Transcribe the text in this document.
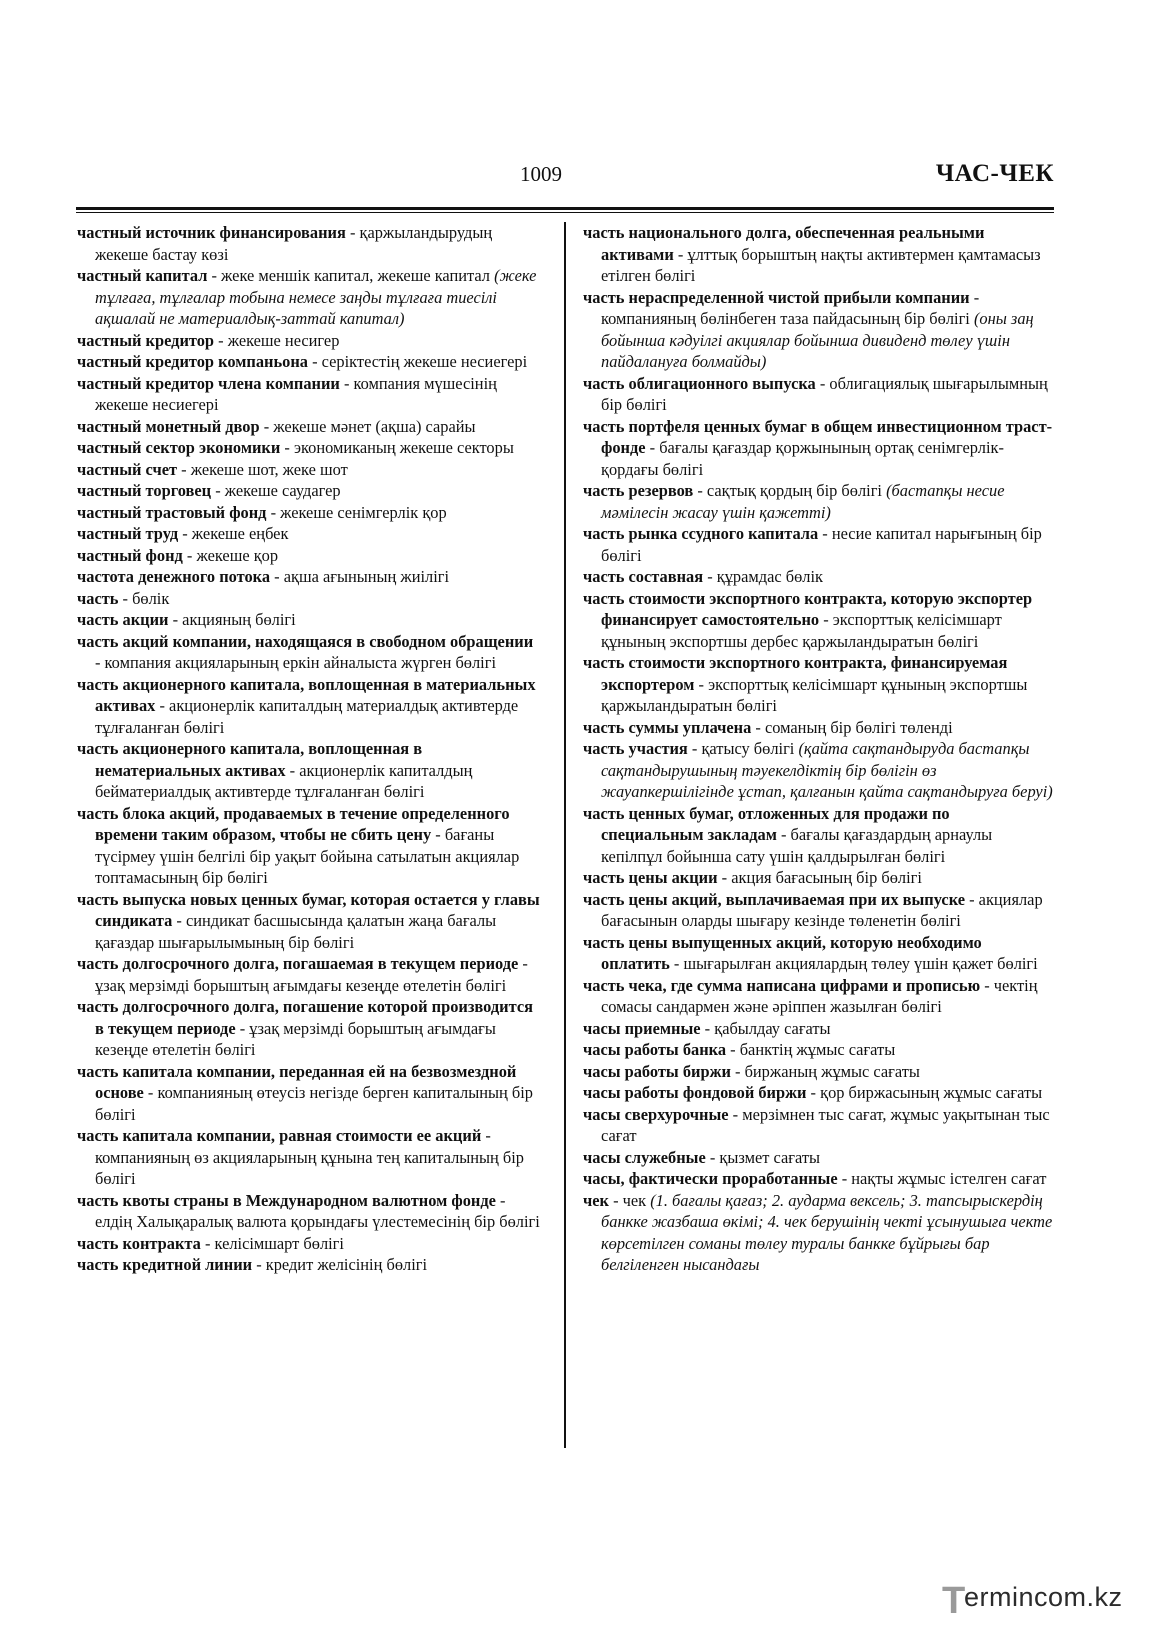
1009	ЧАС-ЧЕК

частный источник финансирования - қаржыландырудың жекеше бастау көзі

частный капитал - жеке меншік капитал, жекеше капитал (жеке тұлғаға, тұлғалар тобына немесе заңды тұлғаға тиесілі ақшалай не материалдық-заттай капитал)

частный кредитор - жекеше несигер

частный кредитор компаньона - серіктестің жекеше несиегері

частный кредитор члена компании - компания мүшесінің жекеше несиегері

частный монетный двор - жекеше мәнет (ақша) сарайы

частный сектор экономики - экономиканың жекеше секторы

частный счет - жекеше шот, жеке шот

частный торговец - жекеше саудагер

частный трастовый фонд - жекеше сенімгерлік қор

частный труд - жекеше еңбек

частный фонд - жекеше қор

частота денежного потока - ақша ағынының жиілігі

часть - бөлік

часть акции - акцияның бөлігі

часть акций компании, находящаяся в свободном обращении - компания акцияларының еркін айналыста жүрген бөлігі

часть акционерного капитала, воплощенная в материальных активах - акционерлік капиталдың материалдық активтерде тұлғаланған бөлігі

часть акционерного капитала, воплощенная в нематериальных активах - акционерлік капиталдың бейматериалдық активтерде тұлғаланған бөлігі

часть блока акций, продаваемых в течение определенного времени таким образом, чтобы не сбить цену - бағаны түсірмеу үшін белгілі бір уақыт бойына сатылатын акциялар топтамасының бір бөлігі

часть выпуска новых ценных бумаг, которая остается у главы синдиката - синдикат басшысында қалатын жаңа бағалы қағаздар шығарылымының бір бөлігі

часть долгосрочного долга, погашаемая в текущем периоде - ұзақ мерзімді борыштың ағымдағы кезеңде өтелетін бөлігі

часть долгосрочного долга, погашение которой производится в текущем периоде - ұзақ мерзімді борыштың ағымдағы кезеңде өтелетін бөлігі

часть капитала компании, переданная ей на безвозмездной основе - компанияның өтеусіз негізде берген капиталының бір бөлігі

часть капитала компании, равная стоимости ее акций - компанияның өз акцияларының құнына тең капиталының бір бөлігі

часть квоты страны в Международном валютном фонде - елдің Халықаралық валюта қорындағы үлестемесінің бір бөлігі

часть контракта - келісімшарт бөлігі

часть кредитной линии - кредит желісінің бөлігі

часть национального долга, обеспеченная реальными активами - ұлттық борыштың нақты активтермен қамтамасыз етілген бөлігі

часть нераспределенной чистой прибыли компании - компанияның бөлінбеген таза пайдасының бір бөлігі (оны заң бойынша кәдуілгі акциялар бойынша дивиденд төлеу үшін пайдалануға болмайды)

часть облигационного выпуска - облигациялық шығарылымның бір бөлігі

часть портфеля ценных бумаг в общем инвестиционном траст-фонде - бағалы қағаздар қоржынының ортақ сенімгерлік-қордағы бөлігі

часть резервов - сақтық қордың бір бөлігі (бастапқы несие мәмілесін жасау үшін қажетті)

часть рынка ссудного капитала - несие капитал нарығының бір бөлігі

часть составная - құрамдас бөлік

часть стоимости экспортного контракта, которую экспортер финансирует самостоятельно - экспорттық келісімшарт құнының экспортшы дербес қаржыландыратын бөлігі

часть стоимости экспортного контракта, финансируемая экспортером - экспорттық келісімшарт құнының экспортшы қаржыландыратын бөлігі

часть суммы уплачена - соманың бір бөлігі төленді

часть участия - қатысу бөлігі (қайта сақтандыруда бастапқы сақтандырушының тәуекелдіктің бір бөлігін өз жауапкершілігінде ұстап, қалғанын қайта сақтандыруға беруі)

часть ценных бумаг, отложенных для продажи по специальным закладам - бағалы қағаздардың арнаулы кепілпұл бойынша сату үшін қалдырылған бөлігі

часть цены акции - акция бағасының бір бөлігі

часть цены акций, выплачиваемая при их выпуске - акциялар бағасынын оларды шығару кезінде төленетін бөлігі

часть цены выпущенных акций, которую необходимо оплатить - шығарылған акциялардың төлеу үшін қажет бөлігі

часть чека, где сумма написана цифрами и прописью - чектің сомасы сандармен және әріппен жазылған бөлігі

часы приемные - қабылдау сағаты

часы работы банка - банктің жұмыс сағаты

часы работы биржи - биржаның жұмыс сағаты

часы работы фондовой биржи - қор биржасының жұмыс сағаты

часы сверхурочные - мерзімнен тыс сағат, жұмыс уақытынан тыс сағат

часы служебные - қызмет сағаты

часы, фактически проработанные - нақты жұмыс істелген сағат

чек - чек (1. бағалы қағаз; 2. аударма вексель; 3. тапсырыскердің банкке жазбаша өкімі; 4. чек берушінің чекті ұсынушыға чекте көрсетілген соманы төлеу туралы банкке бұйрығы бар белгіленген нысандағы

T
ermincom.kz
